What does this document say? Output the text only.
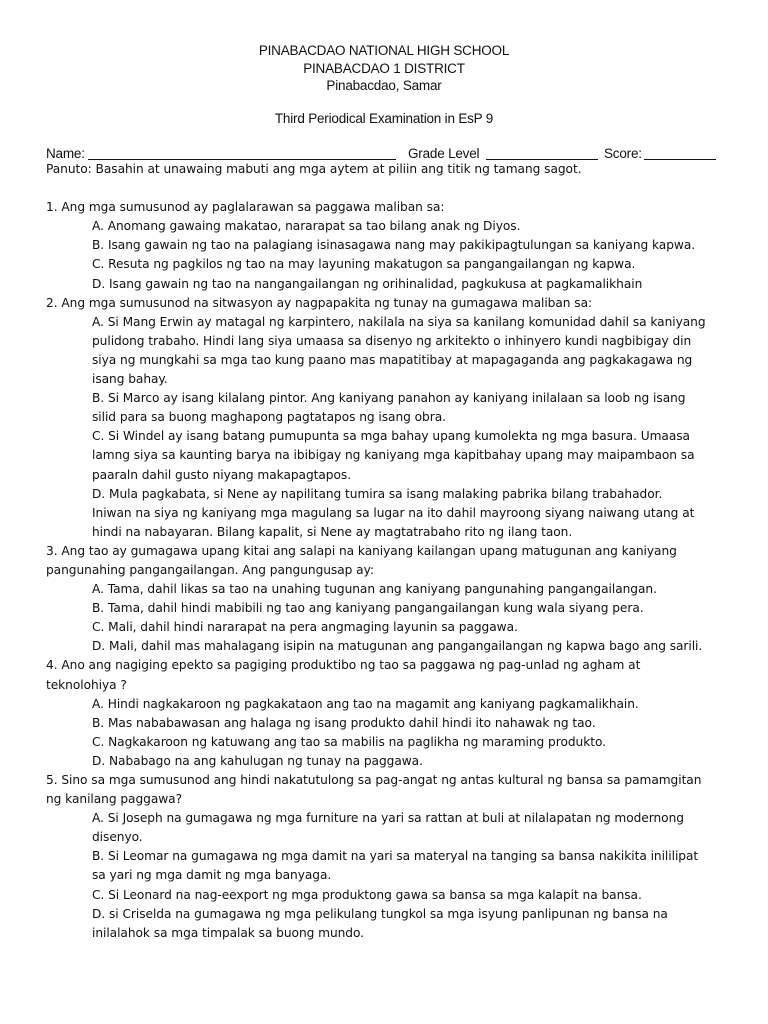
PINABACDAO NATIONAL HIGH SCHOOL
PINABACDAO 1 DISTRICT
Pinabacdao, Samar
Third Periodical Examination in EsP 9
Name:	Grade Level	Score:
Panuto: Basahin at unawaing mabuti ang mga aytem at piliin ang titik ng tamang sagot.
1. Ang mga sumusunod ay paglalarawan sa paggawa maliban sa:
A. Anomang gawaing makatao, nararapat sa tao bilang anak ng Diyos.
B. Isang gawain ng tao na palagiang isinasagawa nang may pakikipagtulungan sa kaniyang kapwa.
C. Resuta ng pagkilos ng tao na may layuning makatugon sa pangangailangan ng kapwa.
D. Isang gawain ng tao na nangangailangan ng orihinalidad, pagkukusa at pagkamalikhain
2. Ang mga sumusunod na sitwasyon ay nagpapakita ng tunay na gumagawa maliban sa:
A. Si Mang Erwin ay matagal ng karpintero, nakilala na siya sa kanilang komunidad dahil sa kaniyang
pulidong trabaho. Hindi lang siya umaasa sa disenyo ng arkitekto o inhinyero kundi nagbibigay din
siya ng mungkahi sa mga tao kung paano mas mapatitibay at mapagaganda ang pagkakagawa ng
isang bahay.
B. Si Marco ay isang kilalang pintor. Ang kaniyang panahon ay kaniyang inilalaan sa loob ng isang
silid para sa buong maghapong pagtatapos ng isang obra.
C. Si Windel ay isang batang pumupunta sa mga bahay upang kumolekta ng mga basura. Umaasa
lamng siya sa kaunting barya na ibibigay ng kaniyang mga kapitbahay upang may maipambaon sa
paaraln dahil gusto niyang makapagtapos.
D. Mula pagkabata, si Nene ay napilitang tumira sa isang malaking pabrika bilang trabahador.
Iniwan na siya ng kaniyang mga magulang sa lugar na ito dahil mayroong siyang naiwang utang at
hindi na nabayaran. Bilang kapalit, si Nene ay magtatrabaho rito ng ilang taon.
3. Ang tao ay gumagawa upang kitai ang salapi na kaniyang kailangan upang matugunan ang kaniyang
pangunahing pangangailangan. Ang pangungusap ay:
A. Tama, dahil likas sa tao na unahing tugunan ang kaniyang pangunahing pangangailangan.
B. Tama, dahil hindi mabibili ng tao ang kaniyang pangangailangan kung wala siyang pera.
C. Mali, dahil hindi nararapat na pera angmaging layunin sa paggawa.
D. Mali, dahil mas mahalagang isipin na matugunan ang pangangailangan ng kapwa bago ang sarili.
4. Ano ang nagiging epekto sa pagiging produktibo ng tao sa paggawa ng pag-unlad ng agham at
teknolohiya ?
A. Hindi nagkakaroon ng pagkakataon ang tao na magamit ang kaniyang pagkamalikhain.
B. Mas nababawasan ang halaga ng isang produkto dahil hindi ito nahawak ng tao.
C. Nagkakaroon ng katuwang ang tao sa mabilis na paglikha ng maraming produkto.
D. Nababago na ang kahulugan ng tunay na paggawa.
5. Sino sa mga sumusunod ang hindi nakatutulong sa pag-angat ng antas kultural ng bansa sa pamamgitan
ng kanilang paggawa?
A. Si Joseph na gumagawa ng mga furniture na yari sa rattan at buli at nilalapatan ng modernong
disenyo.
B. Si Leomar na gumagawa ng mga damit na yari sa materyal na tanging sa bansa nakikita inililipat
sa yari ng mga damit ng mga banyaga.
C. Si Leonard na nag-eexport ng mga produktong gawa sa bansa sa mga kalapit na bansa.
D. si Criselda na gumagawa ng mga pelikulang tungkol sa mga isyung panlipunan ng bansa na
inilalahok sa mga timpalak sa buong mundo.
